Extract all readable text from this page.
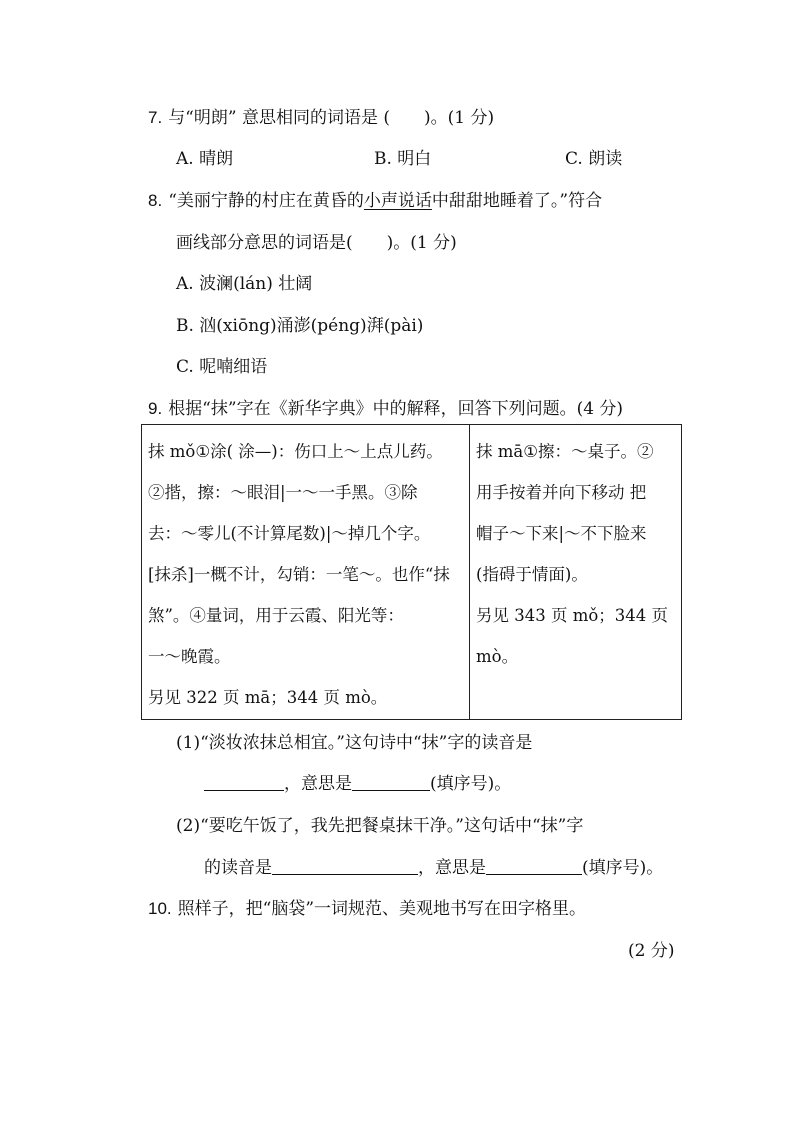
7. 与“明朗” 意思相同的词语是 (　　)。(1 分)
A. 晴朗	B. 明白	C. 朗读
8. “美丽宁静的村庄在黄昏的小声说话中甜甜地睡着了。”符合
画线部分意思的词语是(　　)。(1 分)
A. 波澜(lán) 壮阔
B. 汹(xiōng)涌澎(péng)湃(pài)
C. 呢喃细语
9. 根据“抹”字在《新华字典》中的解释，回答下列问题。(4 分)
抹 mǒ①涂( 涂—)：伤口上～上点儿药。
②揩，擦：～眼泪|一～一手黑。③除
去：～零儿(不计算尾数)|～掉几个字。
[抹杀]一概不计，勾销：一笔～。也作“抹
煞”。④量词，用于云霞、阳光等：
一～晚霞。
另见 322 页 mā；344 页 mò。

抹 mā①擦：～桌子。②
用手按着并向下移动 把
帽子～下来|～不下脸来
(指碍于情面)。
另见 343 页 mǒ；344 页
mò。
(1)“淡妆浓抹总相宜。”这句诗中“抹”字的读音是
，意思是	(填序号)。
(2)“要吃午饭了，我先把餐桌抹干净。”这句话中“抹”字
的读音是	，意思是	(填序号)。
10. 照样子，把“脑袋”一词规范、美观地书写在田字格里。
(2 分)
